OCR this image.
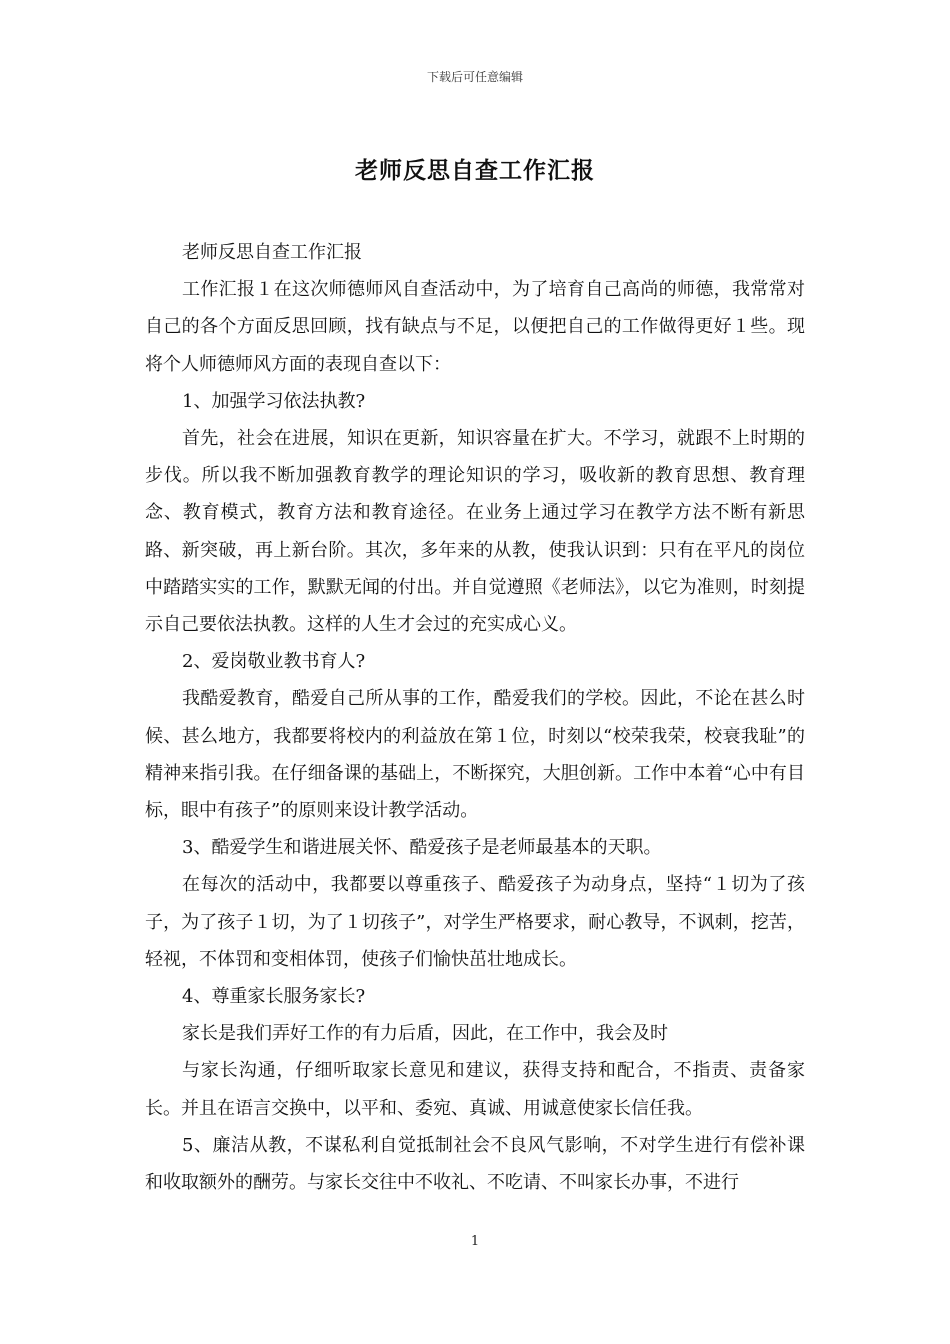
下载后可任意编辑
老师反思自查工作汇报

老师反思自查工作汇报

工作汇报１在这次师德师风自查活动中，为了培育自己高尚的师德，我常常对自己的各个方面反思回顾，找有缺点与不足，以便把自己的工作做得更好１些。现将个人师德师风方面的表现自查以下：

1、加强学习依法执教?

首先，社会在进展，知识在更新，知识容量在扩大。不学习，就跟不上时期的步伐。所以我不断加强教育教学的理论知识的学习，吸收新的教育思想、教育理念、教育模式，教育方法和教育途径。在业务上通过学习在教学方法不断有新思路、新突破，再上新台阶。其次，多年来的从教，使我认识到：只有在平凡的岗位中踏踏实实的工作，默默无闻的付出。并自觉遵照《老师法》，以它为准则，时刻提示自己要依法执教。这样的人生才会过的充实成心义。

2、爱岗敬业教书育人?

我酷爱教育，酷爱自己所从事的工作，酷爱我们的学校。因此，不论在甚么时候、甚么地方，我都要将校内的利益放在第１位，时刻以“校荣我荣，校衰我耻”的精神来指引我。在仔细备课的基础上，不断探究，大胆创新。工作中本着“心中有目标，眼中有孩子”的原则来设计教学活动。

3、酷爱学生和谐进展关怀、酷爱孩子是老师最基本的天职。

在每次的活动中，我都要以尊重孩子、酷爱孩子为动身点，坚持“１切为了孩子，为了孩子１切，为了１切孩子”，对学生严格要求，耐心教导，不讽刺，挖苦，轻视，不体罚和变相体罚，使孩子们愉快茁壮地成长。

4、尊重家长服务家长?

家长是我们弄好工作的有力后盾，因此，在工作中，我会及时

与家长沟通，仔细听取家长意见和建议，获得支持和配合，不指责、责备家长。并且在语言交换中，以平和、委宛、真诚、用诚意使家长信任我。

5、廉洁从教，不谋私利自觉抵制社会不良风气影响，不对学生进行有偿补课和收取额外的酬劳。与家长交往中不收礼、不吃请、不叫家长办事，不进行

1
